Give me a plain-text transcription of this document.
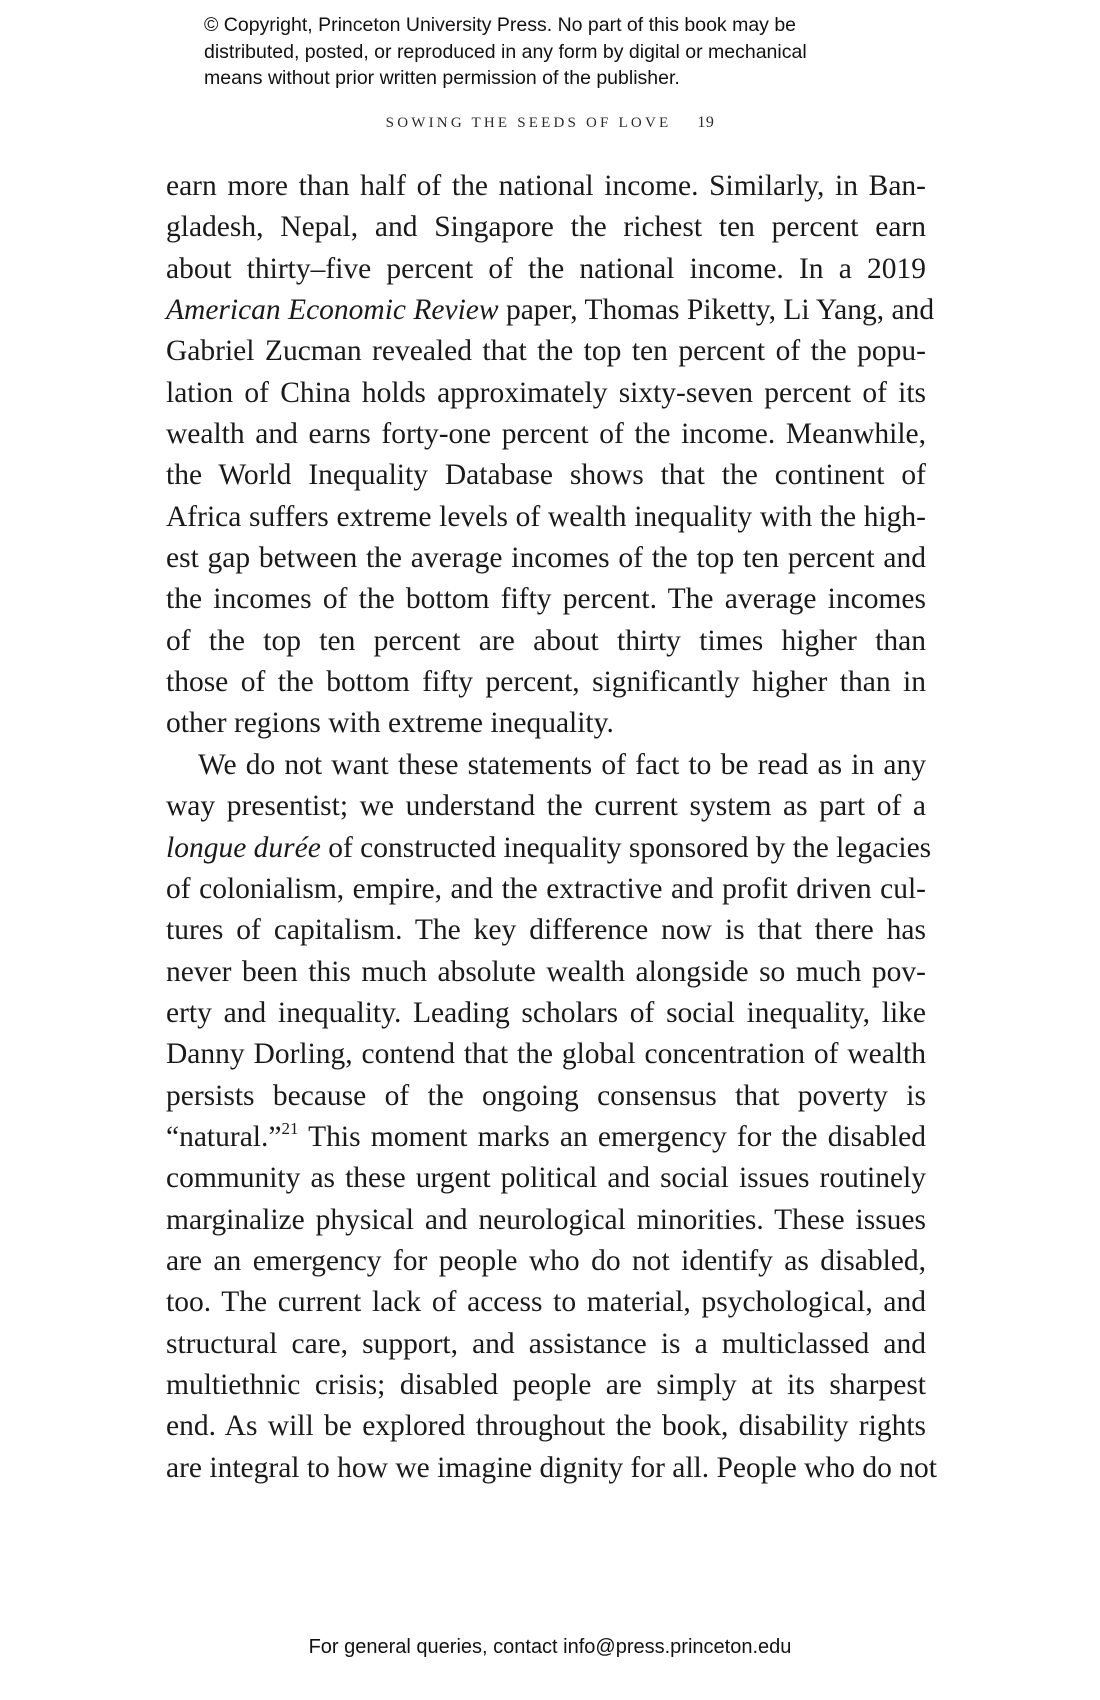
© Copyright, Princeton University Press. No part of this book may be
distributed, posted, or reproduced in any form by digital or mechanical
means without prior written permission of the publisher.
SOWING THE SEEDS OF LOVE 19
earn more than half of the national income. Similarly, in Ban-
gladesh, Nepal, and Singapore the richest ten percent earn
about thirty–five percent of the national income. In a 2019
American Economic Review paper, Thomas Piketty, Li Yang, and
Gabriel Zucman revealed that the top ten percent of the popu-
lation of China holds approximately sixty-seven percent of its
wealth and earns forty-one percent of the income. Meanwhile,
the World Inequality Database shows that the continent of
Africa suffers extreme levels of wealth inequality with the high-
est gap between the average incomes of the top ten percent and
the incomes of the bottom fifty percent. The average incomes
of the top ten percent are about thirty times higher than
those of the bottom fifty percent, significantly higher than in
other regions with extreme inequality.
We do not want these statements of fact to be read as in any
way presentist; we understand the current system as part of a
longue durée of constructed inequality sponsored by the legacies
of colonialism, empire, and the extractive and profit driven cul-
tures of capitalism. The key difference now is that there has
never been this much absolute wealth alongside so much pov-
erty and inequality. Leading scholars of social inequality, like
Danny Dorling, contend that the global concentration of wealth
persists because of the ongoing consensus that poverty is
“natural.”$^{21}$ This moment marks an emergency for the disabled
community as these urgent political and social issues routinely
marginalize physical and neurological minorities. These issues
are an emergency for people who do not identify as disabled,
too. The current lack of access to material, psychological, and
structural care, support, and assistance is a multiclassed and
multiethnic crisis; disabled people are simply at its sharpest
end. As will be explored throughout the book, disability rights
are integral to how we imagine dignity for all. People who do not
For general queries, contact info@press.princeton.edu
